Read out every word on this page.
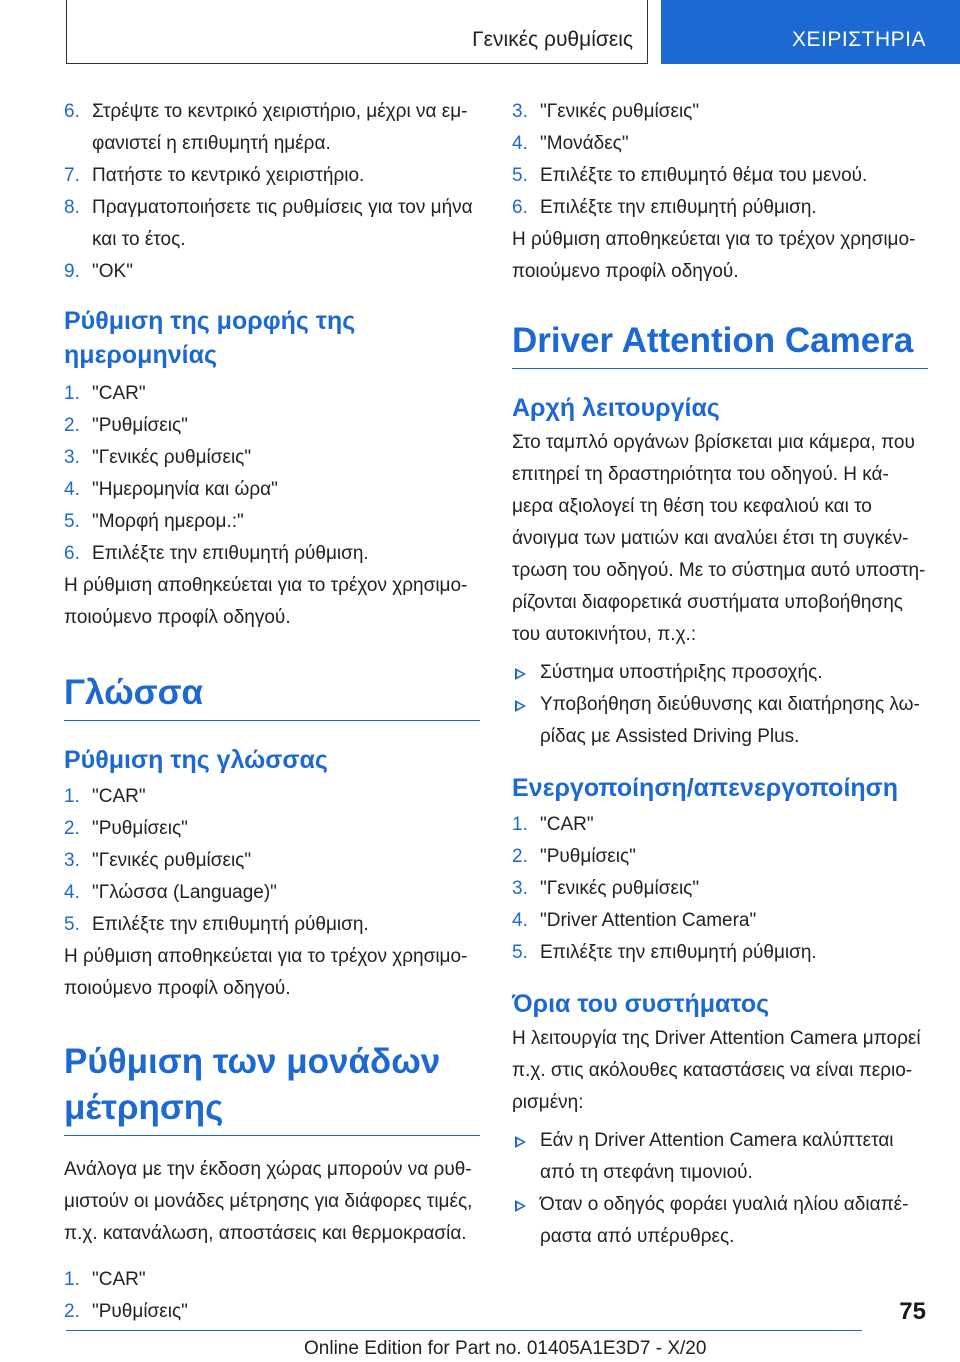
Γενικές ρυθμίσεις	ΧΕΙΡΙΣΤΗΡΙΑ
6. Στρέψτε το κεντρικό χειριστήριο, μέχρι να εμ‐ φανιστεί η επιθυμητή ημέρα.
7. Πατήστε το κεντρικό χειριστήριο.
8. Πραγματοποιήσετε τις ρυθμίσεις για τον μήνα και το έτος.
9. "OK"
Ρύθμιση της μορφής της ημερομηνίας
1. "CAR"
2. "Ρυθμίσεις"
3. "Γενικές ρυθμίσεις"
4. "Ημερομηνία και ώρα"
5. "Μορφή ημερομ.:"
6. Επιλέξτε την επιθυμητή ρύθμιση.
Η ρύθμιση αποθηκεύεται για το τρέχον χρησιμο‐ ποιούμενο προφίλ οδηγού.
Γλώσσα
Ρύθμιση της γλώσσας
1. "CAR"
2. "Ρυθμίσεις"
3. "Γενικές ρυθμίσεις"
4. "Γλώσσα (Language)"
5. Επιλέξτε την επιθυμητή ρύθμιση.
Η ρύθμιση αποθηκεύεται για το τρέχον χρησιμο‐ ποιούμενο προφίλ οδηγού.
Ρύθμιση των μονάδων μέτρησης
Ανάλογα με την έκδοση χώρας μπορούν να ρυθ‐ μιστούν οι μονάδες μέτρησης για διάφορες τιμές, π.χ. κατανάλωση, αποστάσεις και θερμοκρασία.
1. "CAR"
2. "Ρυθμίσεις"
3. "Γενικές ρυθμίσεις"
4. "Μονάδες"
5. Επιλέξτε το επιθυμητό θέμα του μενού.
6. Επιλέξτε την επιθυμητή ρύθμιση.
Η ρύθμιση αποθηκεύεται για το τρέχον χρησιμο‐ ποιούμενο προφίλ οδηγού.
Driver Attention Camera
Αρχή λειτουργίας
Στο ταμπλό οργάνων βρίσκεται μια κάμερα, που επιτηρεί τη δραστηριότητα του οδηγού. Η κά‐ μερα αξιολογεί τη θέση του κεφαλιού και το άνοιγμα των ματιών και αναλύει έτσι τη συγκέν‐ τρωση του οδηγού. Με το σύστημα αυτό υποστη‐ ρίζονται διαφορετικά συστήματα υποβοήθησης του αυτοκινήτου, π.χ.:
Σύστημα υποστήριξης προσοχής.
Υποβοήθηση διεύθυνσης και διατήρησης λω‐ ρίδας με Assisted Driving Plus.
Ενεργοποίηση/απενεργοποίηση
1. "CAR"
2. "Ρυθμίσεις"
3. "Γενικές ρυθμίσεις"
4. "Driver Attention Camera"
5. Επιλέξτε την επιθυμητή ρύθμιση.
Όρια του συστήματος
Η λειτουργία της Driver Attention Camera μπορεί π.χ. στις ακόλουθες καταστάσεις να είναι περιο‐ ρισμένη:
Εάν η Driver Attention Camera καλύπτεται από τη στεφάνη τιμονιού.
Όταν ο οδηγός φοράει γυαλιά ηλίου αδιαπέ‐ ραστα από υπέρυθρες.
75
Online Edition for Part no. 01405A1E3D7 - X/20
